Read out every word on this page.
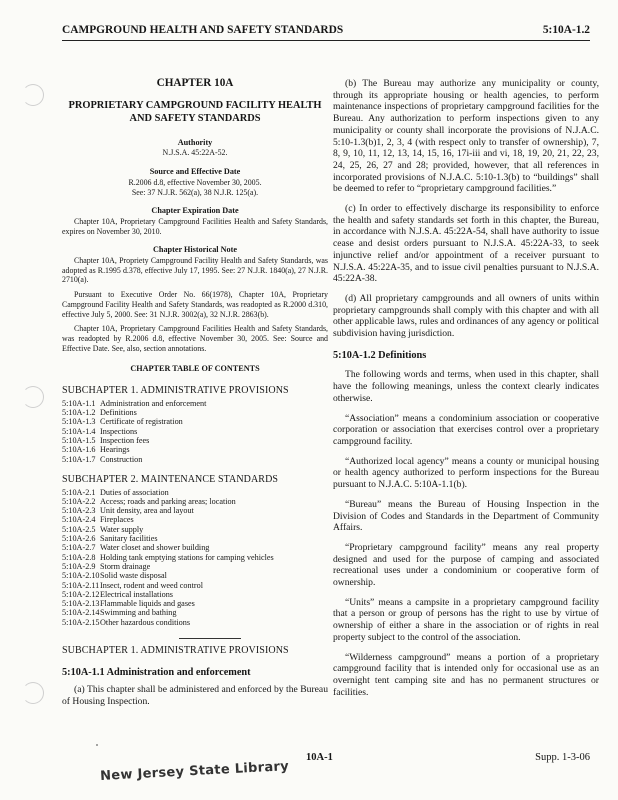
CAMPGROUND HEALTH AND SAFETY STANDARDS	5:10A-1.2
CHAPTER 10A
PROPRIETARY CAMPGROUND FACILITY HEALTH AND SAFETY STANDARDS
Authority
N.J.S.A. 45:22A-52.
Source and Effective Date
R.2006 d.8, effective November 30, 2005.
See: 37 N.J.R. 562(a), 38 N.J.R. 125(a).
Chapter Expiration Date
Chapter 10A, Proprietary Campground Facilities Health and Safety Standards, expires on November 30, 2010.
Chapter Historical Note
Chapter 10A, Propriety Campground Facility Health and Safety Standards, was adopted as R.1995 d.378, effective July 17, 1995. See: 27 N.J.R. 1840(a), 27 N.J.R. 2710(a).
Pursuant to Executive Order No. 66(1978), Chapter 10A, Proprietary Campground Facility Health and Safety Standards, was readopted as R.2000 d.310, effective July 5, 2000. See: 31 N.J.R. 3002(a), 32 N.J.R. 2863(b).
Chapter 10A, Proprietary Campground Facilities Health and Safety Standards, was readopted by R.2006 d.8, effective November 30, 2005. See: Source and Effective Date. See, also, section annotations.
CHAPTER TABLE OF CONTENTS
SUBCHAPTER 1. ADMINISTRATIVE PROVISIONS
5:10A-1.1 Administration and enforcement
5:10A-1.2 Definitions
5:10A-1.3 Certificate of registration
5:10A-1.4 Inspections
5:10A-1.5 Inspection fees
5:10A-1.6 Hearings
5:10A-1.7 Construction
SUBCHAPTER 2. MAINTENANCE STANDARDS
5:10A-2.1 Duties of association
5:10A-2.2 Access; roads and parking areas; location
5:10A-2.3 Unit density, area and layout
5:10A-2.4 Fireplaces
5:10A-2.5 Water supply
5:10A-2.6 Sanitary facilities
5:10A-2.7 Water closet and shower building
5:10A-2.8 Holding tank emptying stations for camping vehicles
5:10A-2.9 Storm drainage
5:10A-2.10 Solid waste disposal
5:10A-2.11 Insect, rodent and weed control
5:10A-2.12 Electrical installations
5:10A-2.13 Flammable liquids and gases
5:10A-2.14 Swimming and bathing
5:10A-2.15 Other hazardous conditions
SUBCHAPTER 1. ADMINISTRATIVE PROVISIONS
5:10A-1.1 Administration and enforcement
(a) This chapter shall be administered and enforced by the Bureau of Housing Inspection.
(b) The Bureau may authorize any municipality or county, through its appropriate housing or health agencies, to perform maintenance inspections of proprietary campground facilities for the Bureau. Any authorization to perform inspections given to any municipality or county shall incorporate the provisions of N.J.A.C. 5:10-1.3(b)1, 2, 3, 4 (with respect only to transfer of ownership), 7, 8, 9, 10, 11, 12, 13, 14, 15, 16, 17i-iii and vi, 18, 19, 20, 21, 22, 23, 24, 25, 26, 27 and 28; provided, however, that all references in incorporated provisions of N.J.A.C. 5:10-1.3(b) to “buildings” shall be deemed to refer to “proprietary campground facilities.”
(c) In order to effectively discharge its responsibility to enforce the health and safety standards set forth in this chapter, the Bureau, in accordance with N.J.S.A. 45:22A-54, shall have authority to issue cease and desist orders pursuant to N.J.S.A. 45:22A-33, to seek injunctive relief and/or appointment of a receiver pursuant to N.J.S.A. 45:22A-35, and to issue civil penalties pursuant to N.J.S.A. 45:22A-38.
(d) All proprietary campgrounds and all owners of units within proprietary campgrounds shall comply with this chapter and with all other applicable laws, rules and ordinances of any agency or political subdivision having jurisdiction.
5:10A-1.2 Definitions
The following words and terms, when used in this chapter, shall have the following meanings, unless the context clearly indicates otherwise.
“Association” means a condominium association or cooperative corporation or association that exercises control over a proprietary campground facility.
“Authorized local agency” means a county or municipal housing or health agency authorized to perform inspections for the Bureau pursuant to N.J.A.C. 5:10A-1.1(b).
“Bureau” means the Bureau of Housing Inspection in the Division of Codes and Standards in the Department of Community Affairs.
“Proprietary campground facility” means any real property designed and used for the purpose of camping and associated recreational uses under a condominium or cooperative form of ownership.
“Units” means a campsite in a proprietary campground facility that a person or group of persons has the right to use by virtue of ownership of either a share in the association or of rights in real property subject to the control of the association.
“Wilderness campground” means a portion of a proprietary campground facility that is intended only for occasional use as an overnight tent camping site and has no permanent structures or facilities.
10A-1	Supp. 1-3-06
New Jersey State Library
